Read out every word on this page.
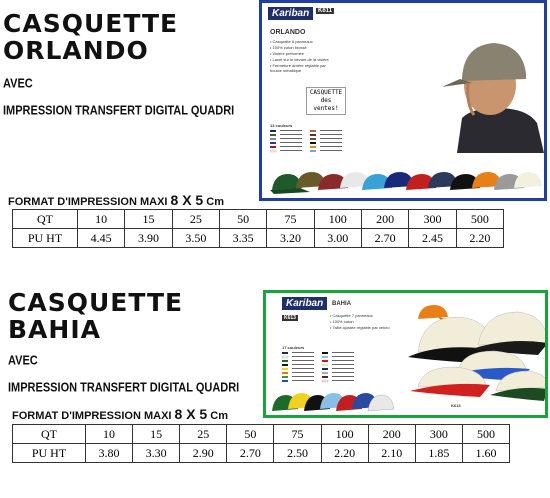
CASQUETTE
ORLANDO
AVEC
IMPRESSION TRANSFERT DIGITAL QUADRI
Kariban	K611
ORLANDO
• Casquette 6 panneaux
• 100% coton brossé
• Visière préformée
• Lacet sur le devant de la visière
• Fermeture arrière réglable par boucle métallique
CASQUETTE des ventes!
13 couleurs
FORMAT D'IMPRESSION MAXI 8 X 5 Cm
QT	10	15	25	50	75	100	200	300	500
PU HT	4.45	3.90	3.50	3.35	3.20	3.00	2.70	2.45	2.20
CASQUETTE
BAHIA
AVEC
IMPRESSION TRANSFERT DIGITAL QUADRI
Kariban	BAHIA
K613	• Casquette 7 panneaux
• 100% coton
• Taille ajustée réglable par velcro
17 couleurs
K613
FORMAT D'IMPRESSION MAXI 8 X 5 Cm
QT	10	15	25	50	75	100	200	300	500
PU HT	3.80	3.30	2.90	2.70	2.50	2.20	2.10	1.85	1.60
